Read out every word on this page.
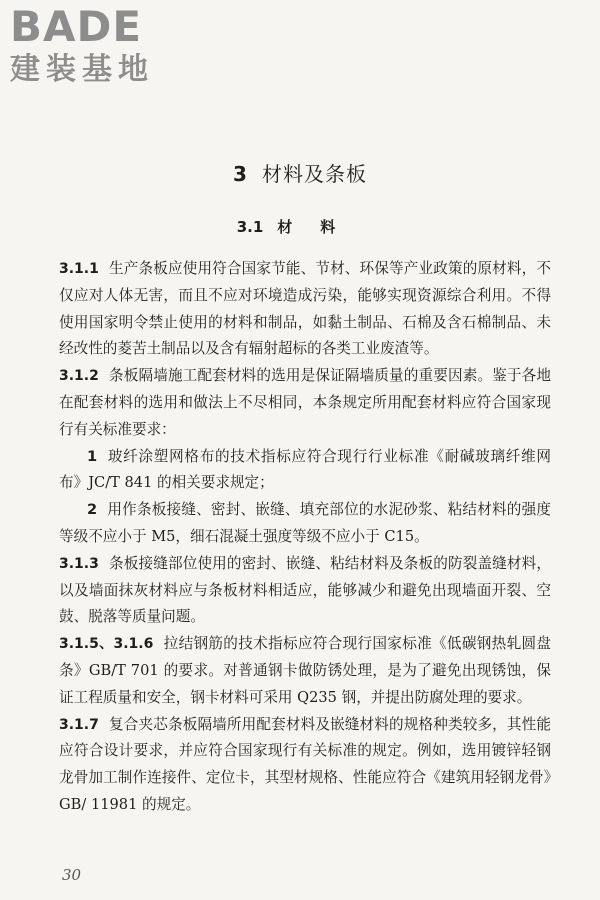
BADE
建装基地
3 材料及条板
3.1 材料

3.1.1 生产条板应使用符合国家节能、节材、环保等产业政策的原材料，不仅应对人体无害，而且不应对环境造成污染，能够实现资源综合利用。不得使用国家明令禁止使用的材料和制品，如黏土制品、石棉及含石棉制品、未经改性的菱苦土制品以及含有辐射超标的各类工业废渣等。

3.1.2 条板隔墙施工配套材料的选用是保证隔墙质量的重要因素。鉴于各地在配套材料的选用和做法上不尽相同，本条规定所用配套材料应符合国家现行有关标准要求：

1 玻纤涂塑网格布的技术指标应符合现行行业标准《耐碱玻璃纤维网布》JC/T 841 的相关要求规定；

2 用作条板接缝、密封、嵌缝、填充部位的水泥砂浆、粘结材料的强度等级不应小于 M5，细石混凝土强度等级不应小于 C15。

3.1.3 条板接缝部位使用的密封、嵌缝、粘结材料及条板的防裂盖缝材料，以及墙面抹灰材料应与条板材料相适应，能够减少和避免出现墙面开裂、空鼓、脱落等质量问题。

3.1.5、3.1.6 拉结钢筋的技术指标应符合现行国家标准《低碳钢热轧圆盘条》GB/T 701 的要求。对普通钢卡做防锈处理，是为了避免出现锈蚀，保证工程质量和安全，钢卡材料可采用 Q235 钢，并提出防腐处理的要求。

3.1.7 复合夹芯条板隔墙所用配套材料及嵌缝材料的规格种类较多，其性能应符合设计要求，并应符合国家现行有关标准的规定。例如，选用镀锌轻钢龙骨加工制作连接件、定位卡，其型材规格、性能应符合《建筑用轻钢龙骨》GB/ 11981 的规定。

30
